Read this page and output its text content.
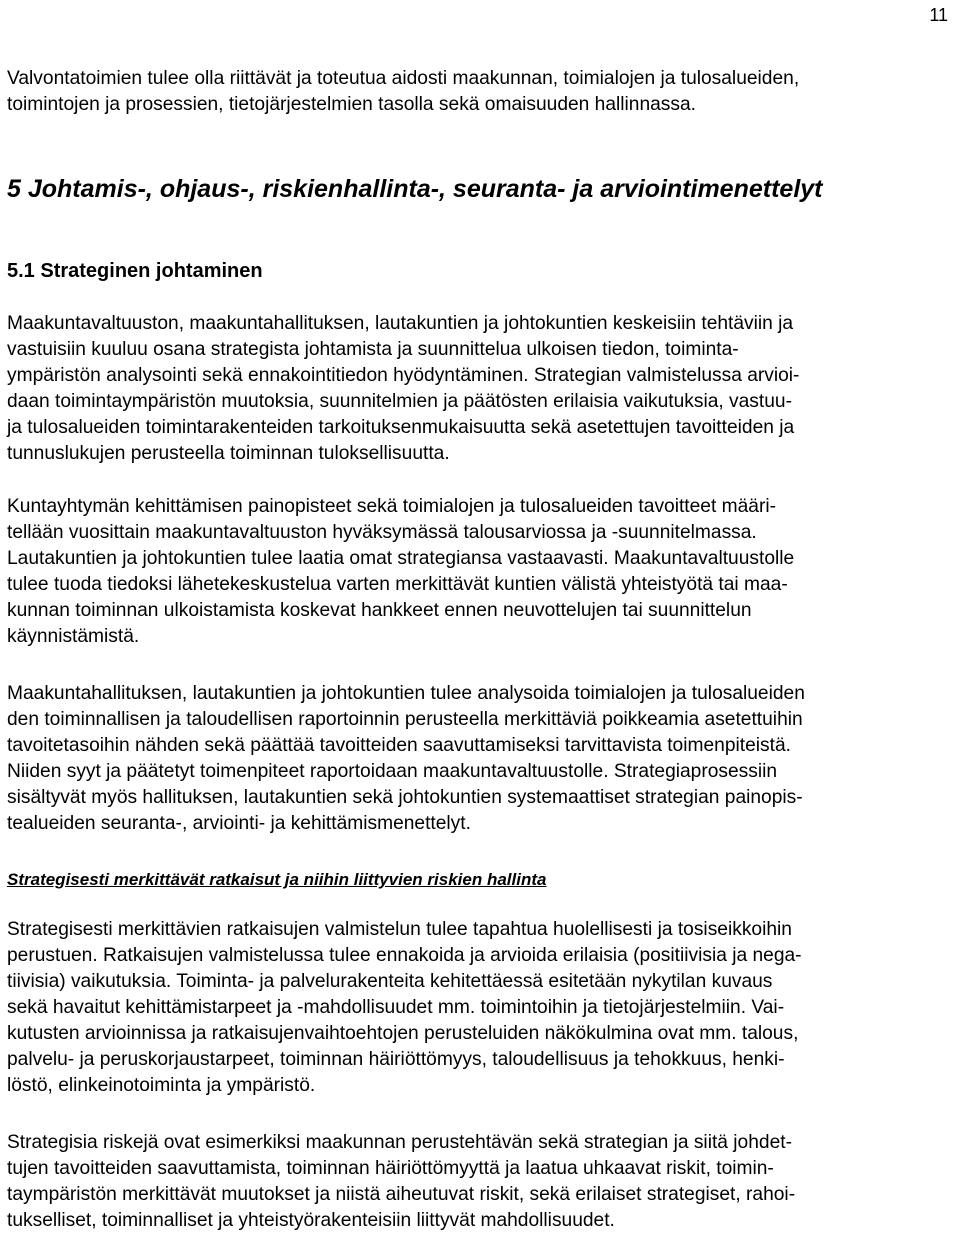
11
Valvontatoimien tulee olla riittävät ja toteutua aidosti maakunnan, toimialojen ja tulosalueiden,
toimintojen ja prosessien, tietojärjestelmien tasolla sekä omaisuuden hallinnassa.
5 Johtamis-, ohjaus-, riskienhallinta-, seuranta- ja arviointimenettelyt
5.1 Strateginen johtaminen
Maakuntavaltuuston, maakuntahallituksen, lautakuntien ja johtokuntien keskeisiin tehtäviin ja
vastuisiin kuuluu osana strategista johtamista ja suunnittelua ulkoisen tiedon, toiminta-
ympäristön analysointi sekä ennakointitiedon hyödyntäminen. Strategian valmistelussa arvioi-
daan toimintaympäristön muutoksia, suunnitelmien ja päätösten erilaisia vaikutuksia, vastuu-
ja tulosalueiden toimintarakenteiden tarkoituksenmukaisuutta sekä asetettujen tavoitteiden ja
tunnuslukujen perusteella toiminnan tuloksellisuutta.
Kuntayhtymän kehittämisen painopisteet sekä toimialojen ja tulosalueiden tavoitteet määri-
tellään vuosittain maakuntavaltuuston hyväksymässä talousarviossa ja -suunnitelmassa.
Lautakuntien ja johtokuntien tulee laatia omat strategiansa vastaavasti. Maakuntavaltuustolle
tulee tuoda tiedoksi lähetekeskustelua varten merkittävät kuntien välistä yhteistyötä tai maa-
kunnan toiminnan ulkoistamista koskevat hankkeet ennen neuvottelujen tai suunnittelun
käynnistämistä.
Maakuntahallituksen, lautakuntien ja johtokuntien tulee analysoida toimialojen ja tulosalueiden
den toiminnallisen ja taloudellisen raportoinnin perusteella merkittäviä poikkeamia asetettuihin
tavoitetasoihin nähden sekä päättää tavoitteiden saavuttamiseksi tarvittavista toimenpiteistä.
Niiden syyt ja päätetyt toimenpiteet raportoidaan maakuntavaltuustolle. Strategiaprosessiin
sisältyvät myös hallituksen, lautakuntien sekä johtokuntien systemaattiset strategian painopis-
tealueiden seuranta-, arviointi- ja kehittämismenettelyt.
Strategisesti merkittävät ratkaisut ja niihin liittyvien riskien hallinta
Strategisesti merkittävien ratkaisujen valmistelun tulee tapahtua huolellisesti ja tosiseikkoihin
perustuen. Ratkaisujen valmistelussa tulee ennakoida ja arvioida erilaisia (positiivisia ja nega-
tiivisia) vaikutuksia. Toiminta- ja palvelurakenteita kehitettäessä esitetään nykytilan kuvaus
sekä havaitut kehittämistarpeet ja -mahdollisuudet mm. toimintoihin ja tietojärjestelmiin. Vai-
kutusten arvioinnissa ja ratkaisujenvaihtoehtojen perusteluiden näkökulmina ovat mm. talous,
palvelu- ja peruskorjaustarpeet, toiminnan häiriöttömyys, taloudellisuus ja tehokkuus, henki-
löstö, elinkeinotoiminta ja ympäristö.
Strategisia riskejä ovat esimerkiksi maakunnan perustehtävän sekä strategian ja siitä johdet-
tujen tavoitteiden saavuttamista, toiminnan häiriöttömyyttä ja laatua uhkaavat riskit, toimin-
taympäristön merkittävät muutokset ja niistä aiheutuvat riskit, sekä erilaiset strategiset, rahoi-
tukselliset, toiminnalliset ja yhteistyörakenteisiin liittyvät mahdollisuudet.
